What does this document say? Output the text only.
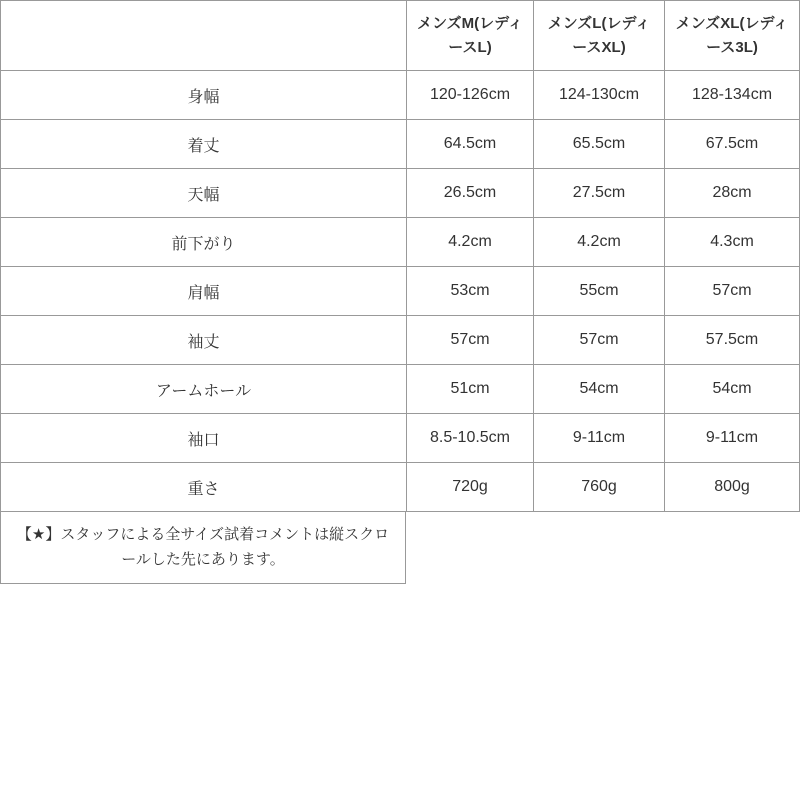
	メンズM(レディースL)	メンズL(レディースXL)	メンズXL(レディース3L)
身幅	120-126cm	124-130cm	128-134cm
着丈	64.5cm	65.5cm	67.5cm
天幅	26.5cm	27.5cm	28cm
前下がり	4.2cm	4.2cm	4.3cm
肩幅	53cm	55cm	57cm
袖丈	57cm	57cm	57.5cm
アームホール	51cm	54cm	54cm
袖口	8.5-10.5cm	9-11cm	9-11cm
重さ	720g	760g	800g
【★】スタッフによる全サイズ試着コメントは縦スクロールした先にあります。
